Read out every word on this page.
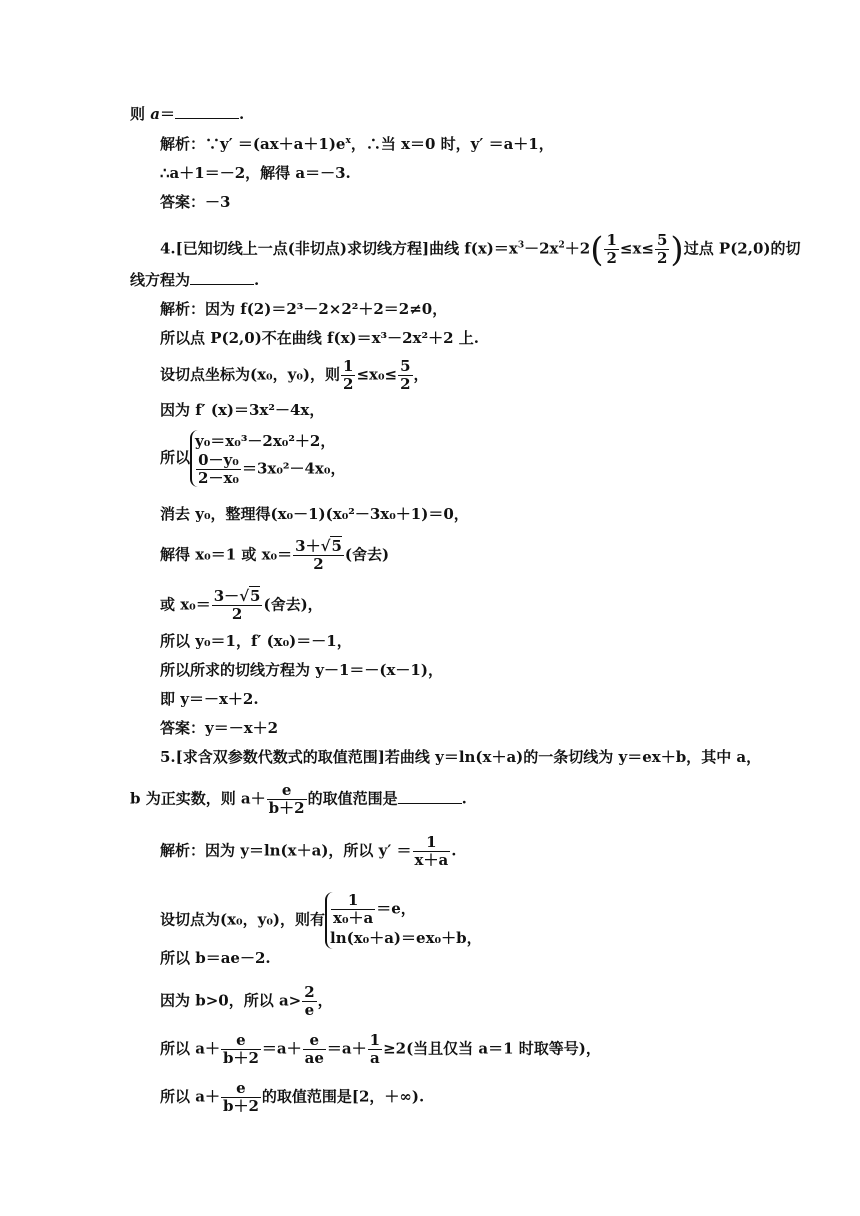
则 a＝	.
解析：∵y′ $=(ax+a+1)e^x$，∴当 x＝0 时，y′ ＝a＋1，
∴a＋1＝－2，解得 a＝－3.
答案：－3
4.[已知切线上一点(非切点)求切线方程]曲线 $f(x)=x^3-2x^2+2( \frac{1}{2} \le x\le \frac{5}{2}$ )过点 P(2,0)的切
线方程为	.
解析：因为 f(2)＝2³－2×2²＋2＝2≠0，
所以点 P(2,0)不在曲线 f(x)＝x³－2x²＋2 上.
设切点坐标为(x₀，y₀)，则 $\frac{1}{2} \le x_0\le \frac{5}{2}$ ，
因为 f′ (x)＝3x²－4x，
所以
y₀＝x₀³－2x₀²＋2，
$\frac{\text{0－y₀}}{\text{2－x₀}} =3x_0^2-4x_0$，
消去 y₀，整理得(x₀－1)(x₀²－3x₀＋1)＝0，
解得 x₀＝1 或 $x_0= \frac{3+√5}{2}$ (舍去)
或 $x_0= \frac{3-√5}{2}$ (舍去)，
所以 y₀＝1，f′ (x₀)＝－1，
所以所求的切线方程为 y－1＝－(x－1)，
即 y＝－x＋2.
答案：y＝－x＋2
5.[求含双参数代数式的取值范围]若曲线 y＝ln(x＋a)的一条切线为 y＝ex＋b，其中 a，
b 为正实数，则 $a+ \frac{e}{b+2}$ 的取值范围是	.
解析：因为 y＝ln(x＋a)，所以 $y' = \frac{1}{x+a}$ .
设切点为(x₀，y₀)，则有 $\frac{1}{\text{x₀＋a}} =e$，
ln(x₀＋a)＝ex₀＋b，
所以 b＝ae－2.
因为 b>0，所以 $a> \frac{2}{e}$ ，
所以 $a+ \frac{e}{b+2} =a+ \frac{e}{ae} =a+ \frac{1}{a} \ge 2$(当且仅当 a＝1 时取等号)，
所以 $a+ \frac{e}{b+2}$ 的取值范围是[2，＋∞).
